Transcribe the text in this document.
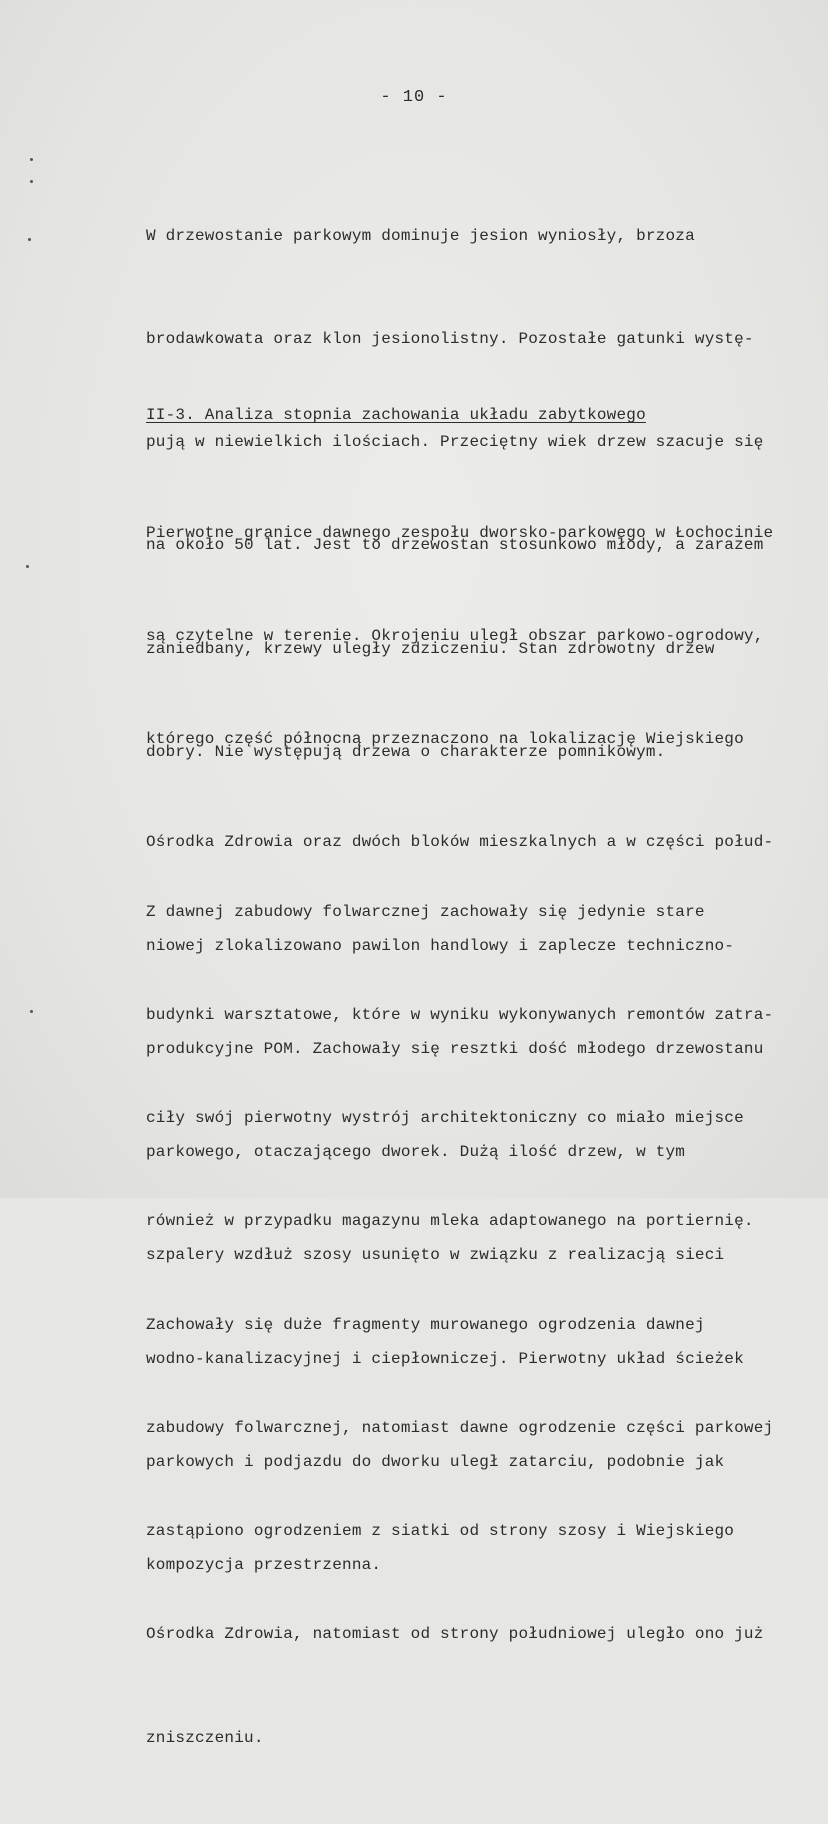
- 10 -

W drzewostanie parkowym dominuje jesion wyniosły, brzoza

brodawkowata oraz klon jesionolistny. Pozostałe gatunki wystę-

pują w niewielkich ilościach. Przeciętny wiek drzew szacuje się

na około 50 lat. Jest to drzewostan stosunkowo młody, a zarazem

zaniedbany, krzewy uległy zdziczeniu. Stan zdrowotny drzew

dobry. Nie występują drzewa o charakterze pomnikowym.

II-3. Analiza stopnia zachowania układu zabytkowego

Pierwotne granice dawnego zespołu dworsko-parkowego w Łochocinie

są czytelne w terenie. Okrojeniu uległ obszar parkowo-ogrodowy,

którego część północną przeznaczono na lokalizację Wiejskiego

Ośrodka Zdrowia oraz dwóch bloków mieszkalnych a w części połud-

niowej zlokalizowano pawilon handlowy i zaplecze techniczno-

produkcyjne POM. Zachowały się resztki dość młodego drzewostanu

parkowego, otaczającego dworek. Dużą ilość drzew, w tym

szpalery wzdłuż szosy usunięto w związku z realizacją sieci

wodno-kanalizacyjnej i ciepłowniczej. Pierwotny układ ścieżek

parkowych i podjazdu do dworku uległ zatarciu, podobnie jak

kompozycja przestrzenna.

Z dawnej zabudowy folwarcznej zachowały się jedynie stare

budynki warsztatowe, które w wyniku wykonywanych remontów zatra-

ciły swój pierwotny wystrój architektoniczny co miało miejsce

również w przypadku magazynu mleka adaptowanego na portiernię.

Zachowały się duże fragmenty murowanego ogrodzenia dawnej

zabudowy folwarcznej, natomiast dawne ogrodzenie części parkowej

zastąpiono ogrodzeniem z siatki od strony szosy i Wiejskiego

Ośrodka Zdrowia, natomiast od strony południowej uległo ono już

zniszczeniu.
